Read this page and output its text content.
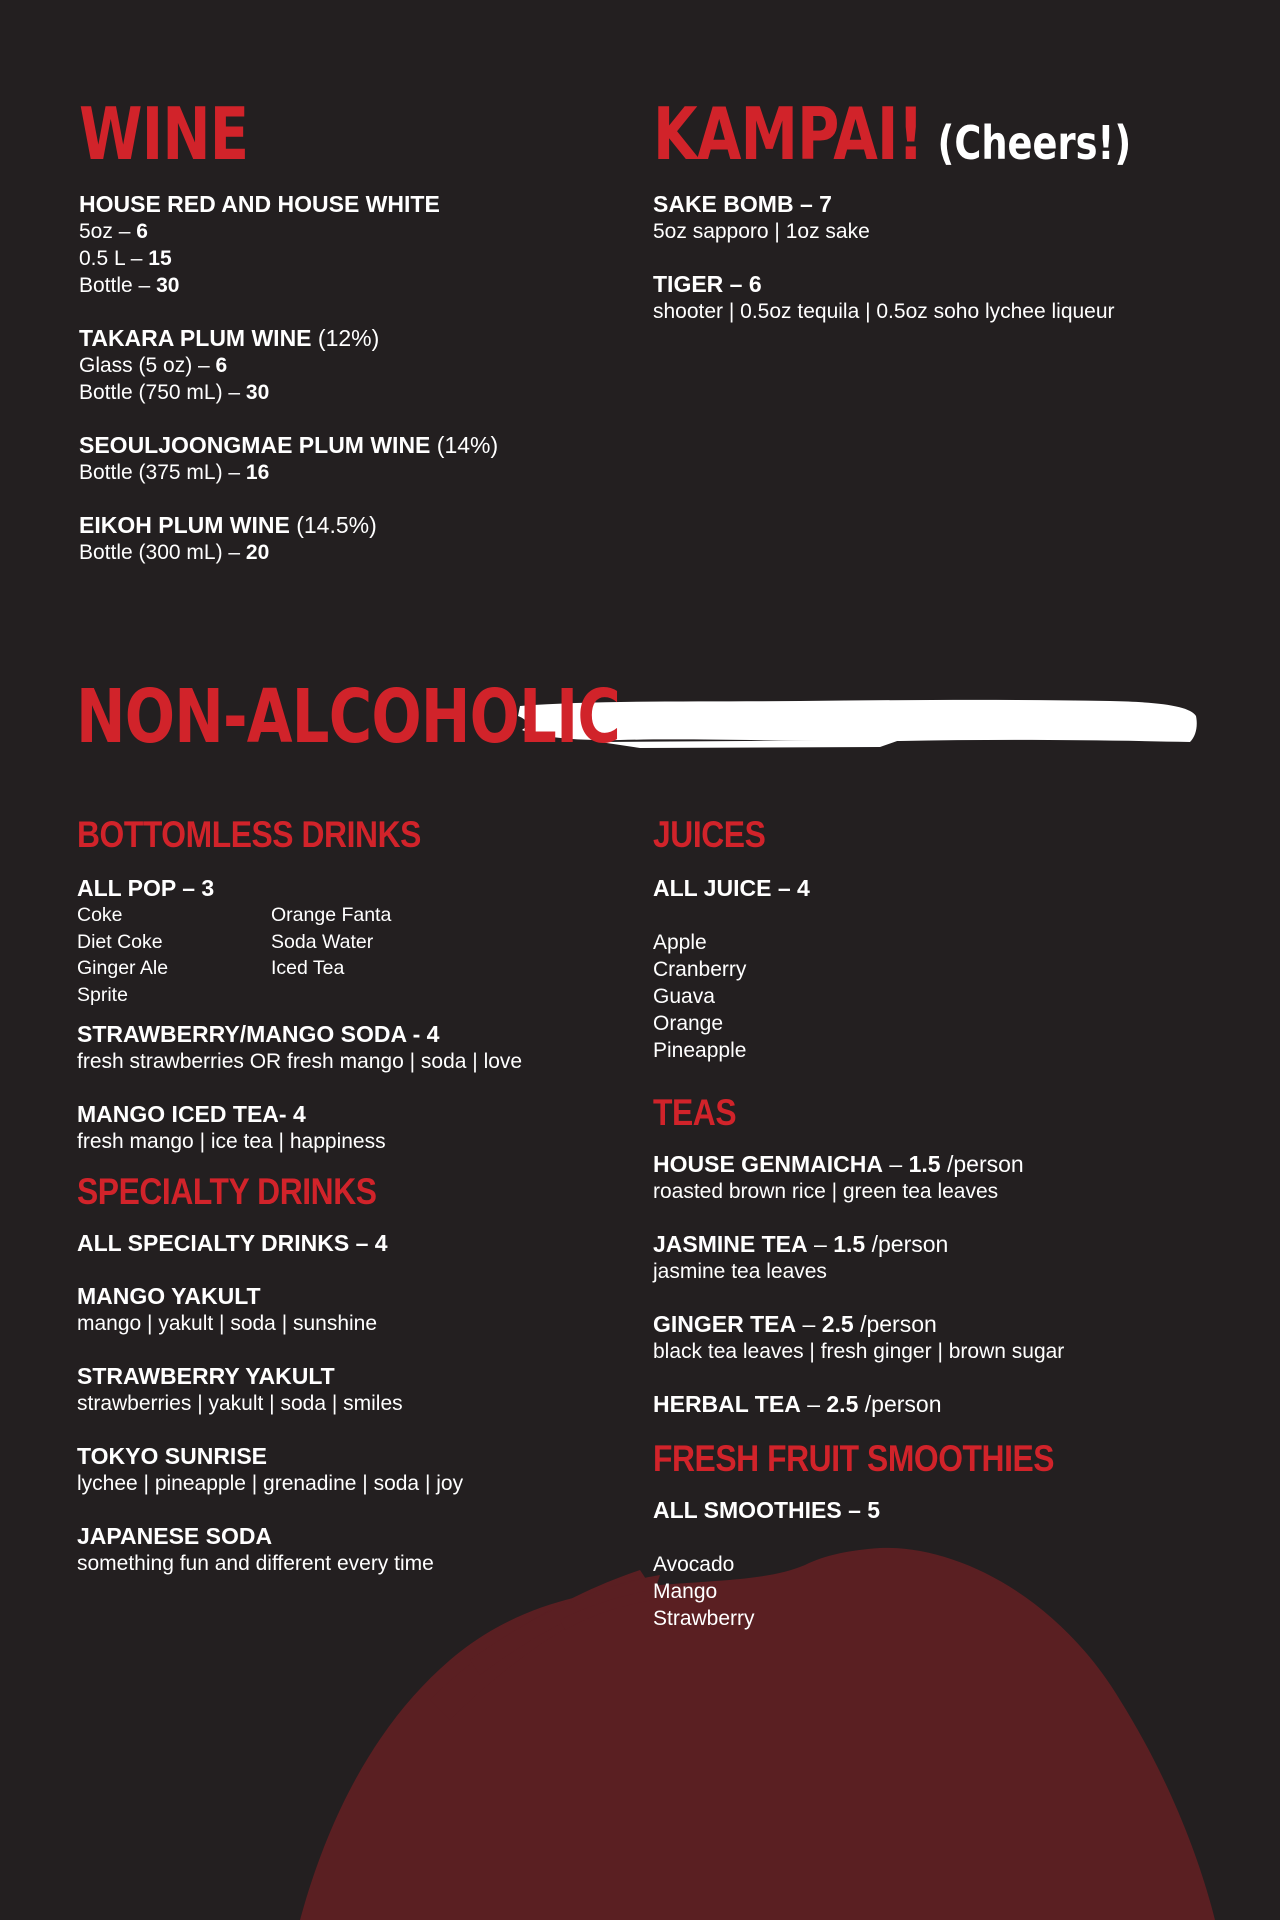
WINE
HOUSE RED AND HOUSE WHITE
5oz – 6
0.5 L – 15
Bottle – 30
TAKARA PLUM WINE (12%)
Glass (5 oz) – 6
Bottle (750 mL) – 30
SEOULJOONGMAE PLUM WINE (14%)
Bottle (375 mL) – 16
EIKOH PLUM WINE (14.5%)
Bottle (300 mL) – 20
KAMPAI! (Cheers!)
SAKE BOMB – 7
5oz sapporo | 1oz sake
TIGER – 6
shooter | 0.5oz tequila | 0.5oz soho lychee liqueur
NON-ALCOHOLIC
BOTTOMLESS DRINKS
ALL POP – 3
Coke
Diet Coke
Ginger Ale
Sprite
Orange Fanta
Soda Water
Iced Tea
STRAWBERRY/MANGO SODA - 4
fresh strawberries OR fresh mango | soda | love
MANGO ICED TEA- 4
fresh mango | ice tea | happiness
SPECIALTY DRINKS
ALL SPECIALTY DRINKS – 4
MANGO YAKULT
mango | yakult | soda | sunshine
STRAWBERRY YAKULT
strawberries | yakult | soda | smiles
TOKYO SUNRISE
lychee | pineapple | grenadine | soda | joy
JAPANESE SODA
something fun and different every time
JUICES
ALL JUICE – 4
Apple
Cranberry
Guava
Orange
Pineapple
TEAS
HOUSE GENMAICHA – 1.5 /person
roasted brown rice | green tea leaves
JASMINE TEA – 1.5 /person
jasmine tea leaves
GINGER TEA – 2.5 /person
black tea leaves | fresh ginger | brown sugar
HERBAL TEA – 2.5 /person
FRESH FRUIT SMOOTHIES
ALL SMOOTHIES – 5
Avocado
Mango
Strawberry
